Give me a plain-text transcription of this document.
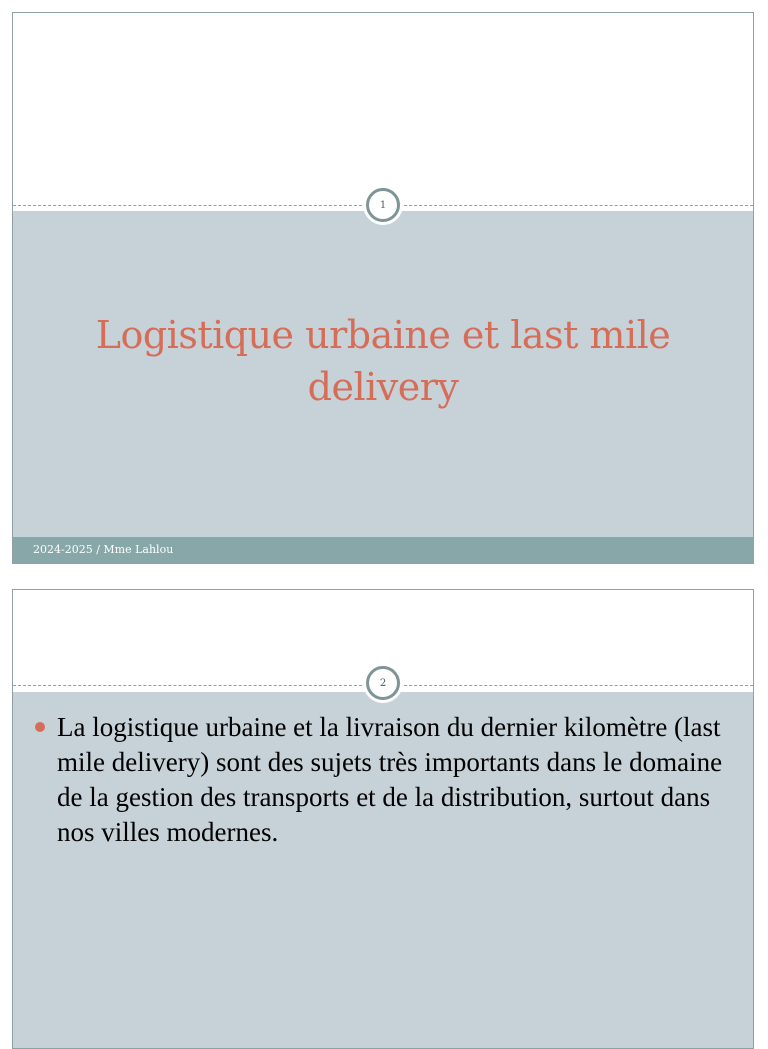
1
Logistique urbaine et last mile delivery
2024-2025 / Mme Lahlou
2
La logistique urbaine et la livraison du dernier kilomètre (last mile delivery) sont des sujets très importants dans le domaine de la gestion des transports et de la distribution, surtout dans nos villes modernes.
